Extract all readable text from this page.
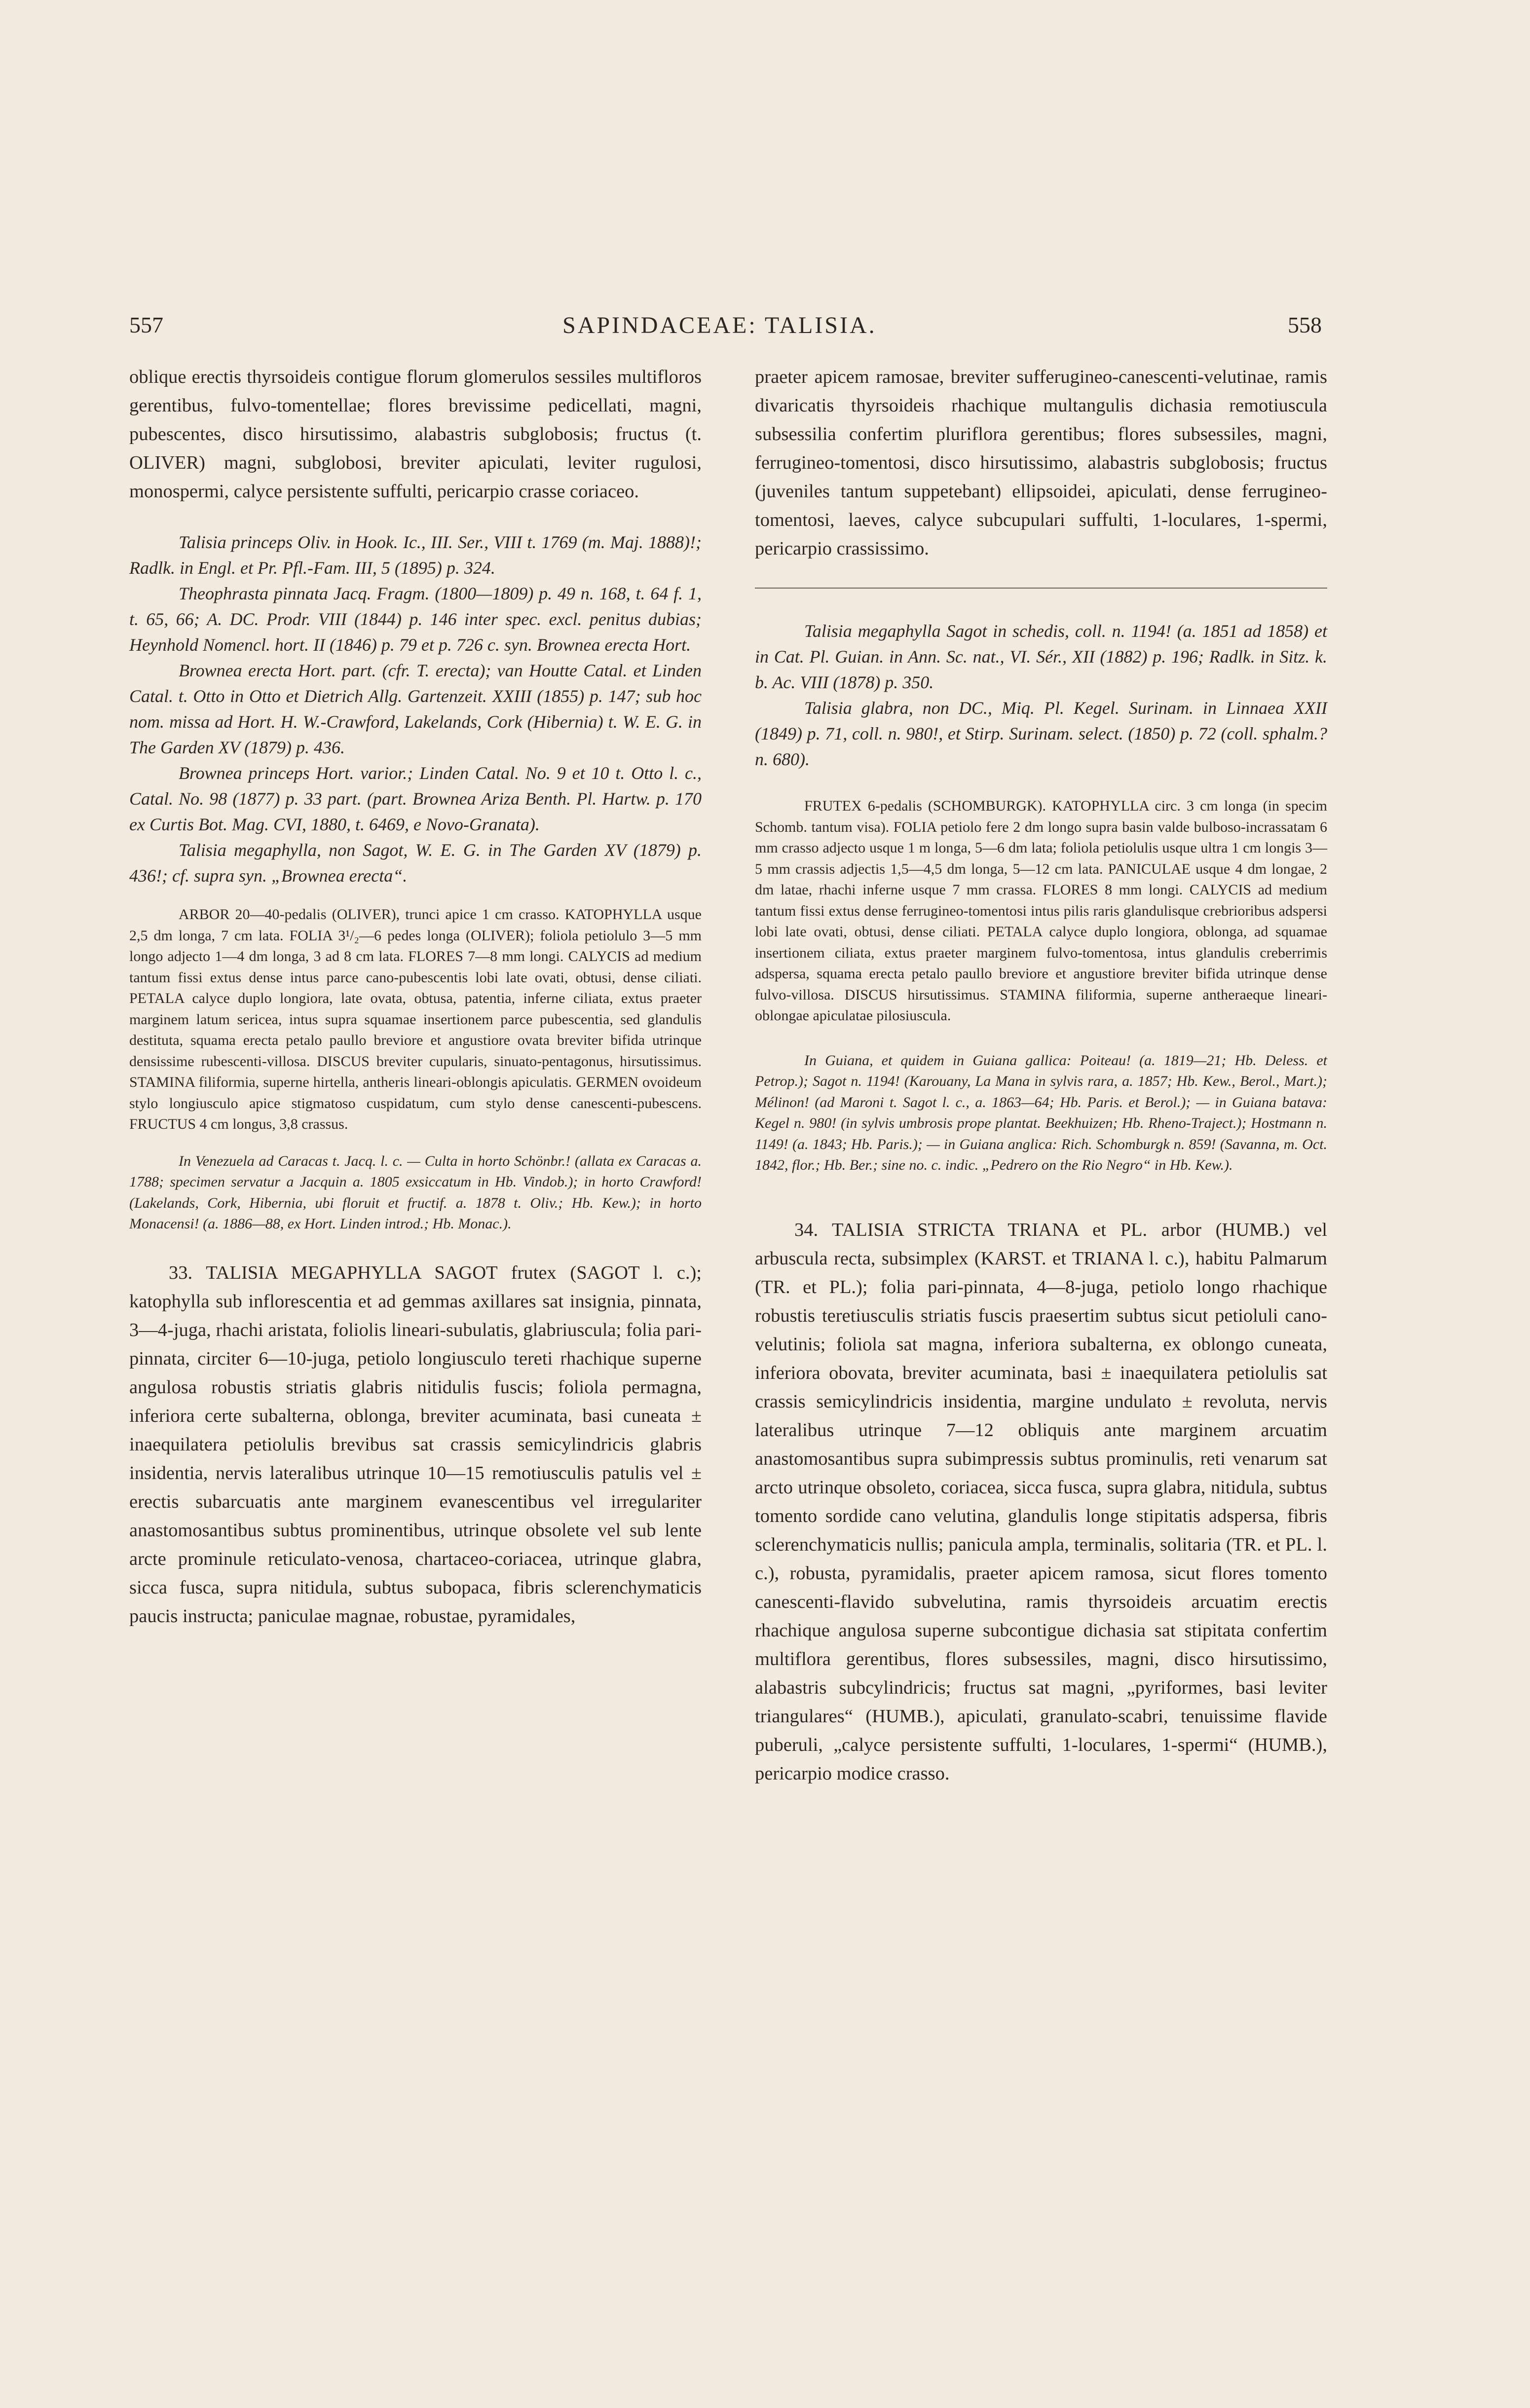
557	SAPINDACEAE: TALISIA.	558

oblique erectis thyrsoideis contigue florum glomerulos sessiles multifloros gerentibus, fulvo-tomentellae; flores brevissime pedicellati, magni, pubescentes, disco hirsutissimo, alabastris subglobosis; fructus (t. OLIVER) magni, subglobosi, breviter apiculati, leviter rugulosi, monospermi, calyce persistente suffulti, pericarpio crasse coriaceo.

Talisia princeps Oliv. in Hook. Ic., III. Ser., VIII t. 1769 (m. Maj. 1888)!; Radlk. in Engl. et Pr. Pfl.-Fam. III, 5 (1895) p. 324.

Theophrasta pinnata Jacq. Fragm. (1800—1809) p. 49 n. 168, t. 64 f. 1, t. 65, 66; A. DC. Prodr. VIII (1844) p. 146 inter spec. excl. penitus dubias; Heynhold Nomencl. hort. II (1846) p. 79 et p. 726 c. syn. Brownea erecta Hort.

Brownea erecta Hort. part. (cfr. T. erecta); van Houtte Catal. et Linden Catal. t. Otto in Otto et Dietrich Allg. Gartenzeit. XXIII (1855) p. 147; sub hoc nom. missa ad Hort. H. W.-Crawford, Lakelands, Cork (Hibernia) t. W. E. G. in The Garden XV (1879) p. 436.

Brownea princeps Hort. varior.; Linden Catal. No. 9 et 10 t. Otto l. c., Catal. No. 98 (1877) p. 33 part. (part. Brownea Ariza Benth. Pl. Hartw. p. 170 ex Curtis Bot. Mag. CVI, 1880, t. 6469, e Novo-Granata).

Talisia megaphylla, non Sagot, W. E. G. in The Garden XV (1879) p. 436!; cf. supra syn. „Brownea erecta“.

ARBOR 20—40-pedalis (OLIVER), trunci apice 1 cm crasso. KATOPHYLLA usque 2,5 dm longa, 7 cm lata. FOLIA 3¹/₂—6 pedes longa (OLIVER); foliola petiolulo 3—5 mm longo adjecto 1—4 dm longa, 3 ad 8 cm lata. FLORES 7—8 mm longi. CALYCIS ad medium tantum fissi extus dense intus parce cano-pubescentis lobi late ovati, obtusi, dense ciliati. PETALA calyce duplo longiora, late ovata, obtusa, patentia, inferne ciliata, extus praeter marginem latum sericea, intus supra squamae insertionem parce pubescentia, sed glandulis destituta, squama erecta petalo paullo breviore et angustiore ovata breviter bifida utrinque densissime rubescenti-villosa. DISCUS breviter cupularis, sinuato-pentagonus, hirsutissimus. STAMINA filiformia, superne hirtella, antheris lineari-oblongis apiculatis. GERMEN ovoideum stylo longiusculo apice stigmatoso cuspidatum, cum stylo dense canescenti-pubescens. FRUCTUS 4 cm longus, 3,8 crassus.

In Venezuela ad Caracas t. Jacq. l. c. — Culta in horto Schönbr.! (allata ex Caracas a. 1788; specimen servatur a Jacquin a. 1805 exsiccatum in Hb. Vindob.); in horto Crawford! (Lakelands, Cork, Hibernia, ubi floruit et fructif. a. 1878 t. Oliv.; Hb. Kew.); in horto Monacensi! (a. 1886—88, ex Hort. Linden introd.; Hb. Monac.).

33. TALISIA MEGAPHYLLA SAGOT frutex (SAGOT l. c.); katophylla sub inflorescentia et ad gemmas axillares sat insignia, pinnata, 3—4-juga, rhachi aristata, foliolis lineari-subulatis, glabriuscula; folia pari-pinnata, circiter 6—10-juga, petiolo longiusculo tereti rhachique superne angulosa robustis striatis glabris nitidulis fuscis; foliola permagna, inferiora certe subalterna, oblonga, breviter acuminata, basi cuneata ± inaequilatera petiolulis brevibus sat crassis semicylindricis glabris insidentia, nervis lateralibus utrinque 10—15 remotiusculis patulis vel ± erectis subarcuatis ante marginem evanescentibus vel irregulariter anastomosantibus subtus prominentibus, utrinque obsolete vel sub lente arcte prominule reticulato-venosa, chartaceo-coriacea, utrinque glabra, sicca fusca, supra nitidula, subtus subopaca, fibris sclerenchymaticis paucis instructa; paniculae magnae, robustae, pyramidales,

praeter apicem ramosae, breviter sufferugineo-canescenti-velutinae, ramis divaricatis thyrsoideis rhachique multangulis dichasia remotiuscula subsessilia confertim pluriflora gerentibus; flores subsessiles, magni, ferrugineo-tomentosi, disco hirsutissimo, alabastris subglobosis; fructus (juveniles tantum suppetebant) ellipsoidei, apiculati, dense ferrugineo-tomentosi, laeves, calyce subcupulari suffulti, 1-loculares, 1-spermi, pericarpio crassissimo.

Talisia megaphylla Sagot in schedis, coll. n. 1194! (a. 1851 ad 1858) et in Cat. Pl. Guian. in Ann. Sc. nat., VI. Sér., XII (1882) p. 196; Radlk. in Sitz. k. b. Ac. VIII (1878) p. 350.

Talisia glabra, non DC., Miq. Pl. Kegel. Surinam. in Linnaea XXII (1849) p. 71, coll. n. 980!, et Stirp. Surinam. select. (1850) p. 72 (coll. sphalm.? n. 680).

FRUTEX 6-pedalis (SCHOMBURGK). KATOPHYLLA circ. 3 cm longa (in specim Schomb. tantum visa). FOLIA petiolo fere 2 dm longo supra basin valde bulboso-incrassatam 6 mm crasso adjecto usque 1 m longa, 5—6 dm lata; foliola petiolulis usque ultra 1 cm longis 3—5 mm crassis adjectis 1,5—4,5 dm longa, 5—12 cm lata. PANICULAE usque 4 dm longae, 2 dm latae, rhachi inferne usque 7 mm crassa. FLORES 8 mm longi. CALYCIS ad medium tantum fissi extus dense ferrugineo-tomentosi intus pilis raris glandulisque crebrioribus adspersi lobi late ovati, obtusi, dense ciliati. PETALA calyce duplo longiora, oblonga, ad squamae insertionem ciliata, extus praeter marginem fulvo-tomentosa, intus glandulis creberrimis adspersa, squama erecta petalo paullo breviore et angustiore breviter bifida utrinque dense fulvo-villosa. DISCUS hirsutissimus. STAMINA filiformia, superne antheraeque lineari-oblongae apiculatae pilosiuscula.

In Guiana, et quidem in Guiana gallica: Poiteau! (a. 1819—21; Hb. Deless. et Petrop.); Sagot n. 1194! (Karouany, La Mana in sylvis rara, a. 1857; Hb. Kew., Berol., Mart.); Mélinon! (ad Maroni t. Sagot l. c., a. 1863—64; Hb. Paris. et Berol.); — in Guiana batava: Kegel n. 980! (in sylvis umbrosis prope plantat. Beekhuizen; Hb. Rheno-Traject.); Hostmann n. 1149! (a. 1843; Hb. Paris.); — in Guiana anglica: Rich. Schomburgk n. 859! (Savanna, m. Oct. 1842, flor.; Hb. Ber.; sine no. c. indic. „Pedrero on the Rio Negro“ in Hb. Kew.).

34. TALISIA STRICTA TRIANA et PL. arbor (HUMB.) vel arbuscula recta, subsimplex (KARST. et TRIANA l. c.), habitu Palmarum (TR. et PL.); folia pari-pinnata, 4—8-juga, petiolo longo rhachique robustis teretiusculis striatis fuscis praesertim subtus sicut petioluli cano-velutinis; foliola sat magna, inferiora subalterna, ex oblongo cuneata, inferiora obovata, breviter acuminata, basi ± inaequilatera petiolulis sat crassis semicylindricis insidentia, margine undulato ± revoluta, nervis lateralibus utrinque 7—12 obliquis ante marginem arcuatim anastomosantibus supra subimpressis subtus prominulis, reti venarum sat arcto utrinque obsoleto, coriacea, sicca fusca, supra glabra, nitidula, subtus tomento sordide cano velutina, glandulis longe stipitatis adspersa, fibris sclerenchymaticis nullis; panicula ampla, terminalis, solitaria (TR. et PL. l. c.), robusta, pyramidalis, praeter apicem ramosa, sicut flores tomento canescenti-flavido subvelutina, ramis thyrsoideis arcuatim erectis rhachique angulosa superne subcontigue dichasia sat stipitata confertim multiflora gerentibus, flores subsessiles, magni, disco hirsutissimo, alabastris subcylindricis; fructus sat magni, „pyriformes, basi leviter triangulares“ (HUMB.), apiculati, granulato-scabri, tenuissime flavide puberuli, „calyce persistente suffulti, 1-loculares, 1-spermi“ (HUMB.), pericarpio modice crasso.
